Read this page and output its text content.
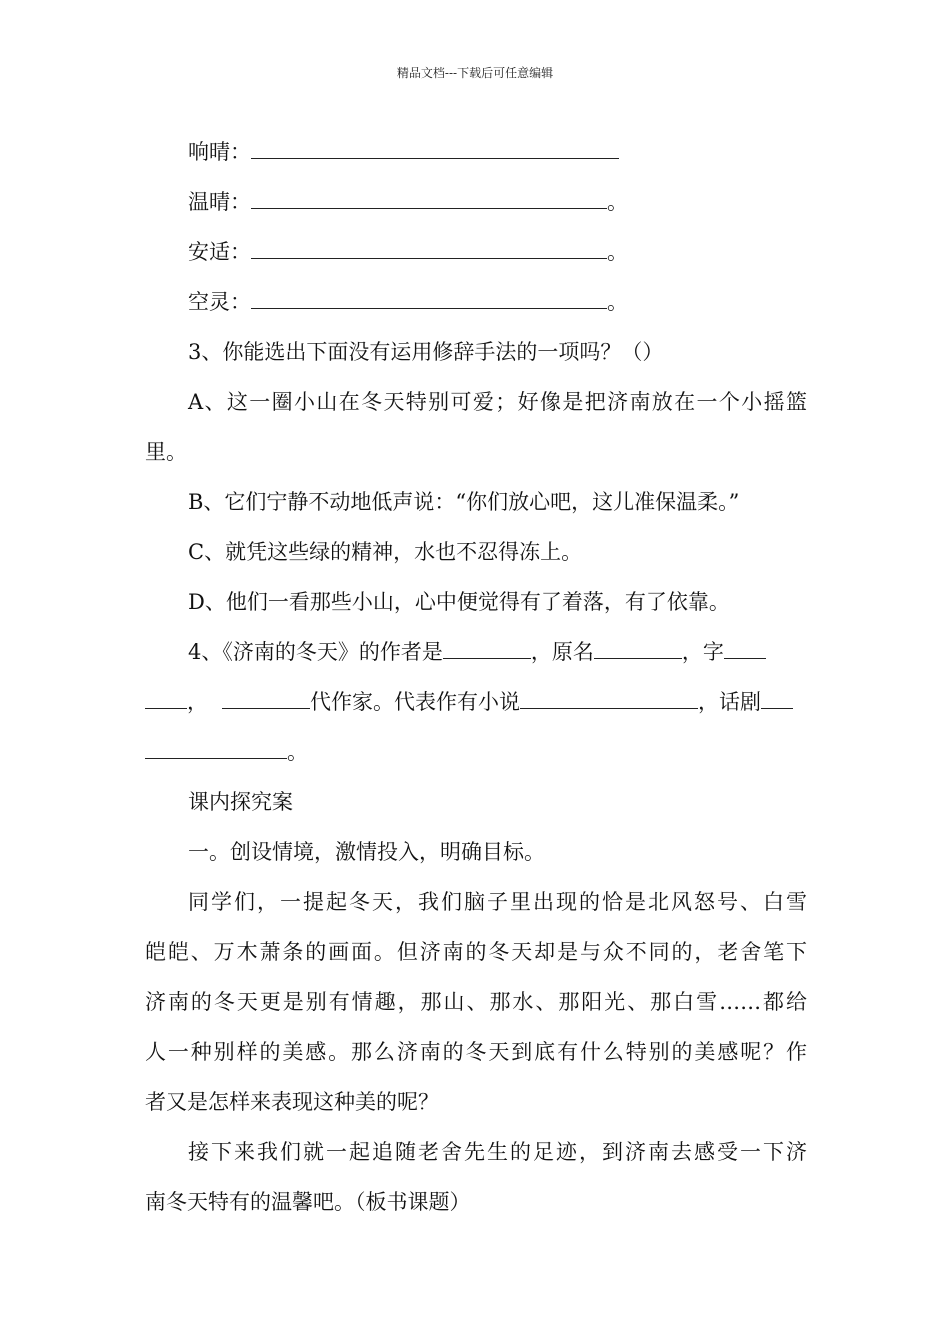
精品文档---下载后可任意编辑
响晴：
温晴：	。
安适：	。
空灵：	。
3、你能选出下面没有运用修辞手法的一项吗？（）
A、这一圈小山在冬天特别可爱；好像是把济南放在一个小摇篮
里。
B、它们宁静不动地低声说：“你们放心吧，这儿准保温柔。”
C、就凭这些绿的精神，水也不忍得冻上。
D、他们一看那些小山，心中便觉得有了着落，有了依靠。
4、《济南的冬天》的作者是	，原名	，字
，	代作家。代表作有小说	，话剧
。
课内探究案
一。创设情境，激情投入，明确目标。
同学们，一提起冬天，我们脑子里出现的恰是北风怒号、白雪
皑皑、万木萧条的画面。但济南的冬天却是与众不同的，老舍笔下
济南的冬天更是别有情趣，那山、那水、那阳光、那白雪……都给
人一种别样的美感。那么济南的冬天到底有什么特别的美感呢？作
者又是怎样来表现这种美的呢？
接下来我们就一起追随老舍先生的足迹，到济南去感受一下济
南冬天特有的温馨吧。（板书课题）
